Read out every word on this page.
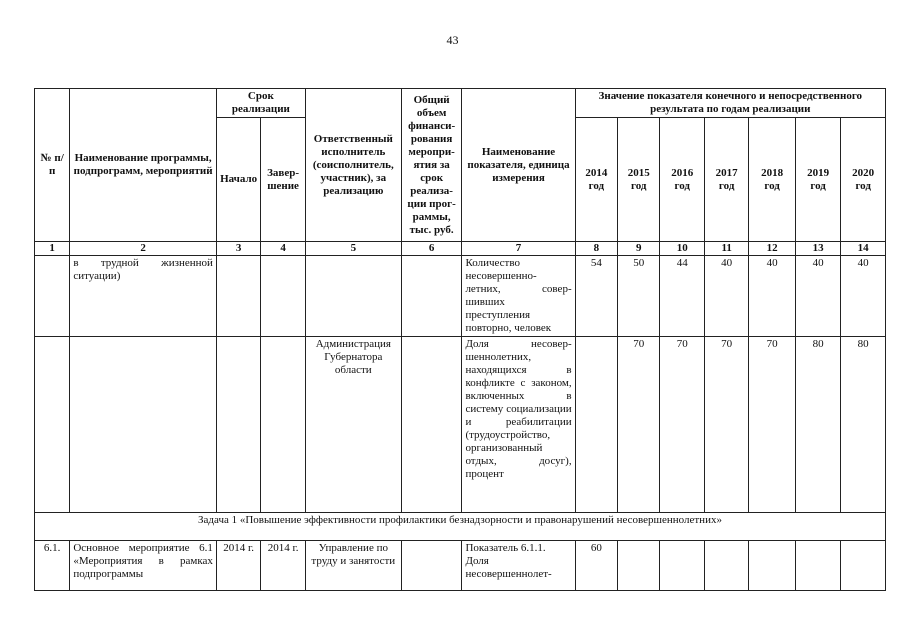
43
№ п/п	Наименование программы, подпрограмм, мероприятий	Срок реализации		Ответственный исполнитель (соисполнитель, участник), за реализацию	Общий объем финанси-рования меропри-ятия за срок реализа-ции прог-раммы, тыс. руб.	Наименование показателя, единица измерения	Значение показателя конечного и непосредственного результата по годам реализации						
		Начало	Завер-шение				2014 год	2015 год	2016 год	2017 год	2018 год	2019 год	2020 год
1	2	3	4	5	6	7	8	9	10	11	12	13	14
	в трудной жизненной ситуации)					Количество несовершенно-летних, совер-шивших преступления повторно, человек	54	50	44	40	40	40	40
				Администрация Губернатора области		Доля несовер-шеннолетних, находящихся в конфликте с законом, включенных в систему социализации и реабилитации (трудоустройство, организованный отдых, досуг), процент		70	70	70	70	80	80
Задача 1 «Повышение эффективности профилактики безнадзорности и правонарушений несовершеннолетних»													
6.1.	Основное мероприятие 6.1 «Мероприятия в рамках подпрограммы	2014 г.	2014 г.	Управление по труду и занятости		Показатель 6.1.1. Доля несовершеннолет-	60						
